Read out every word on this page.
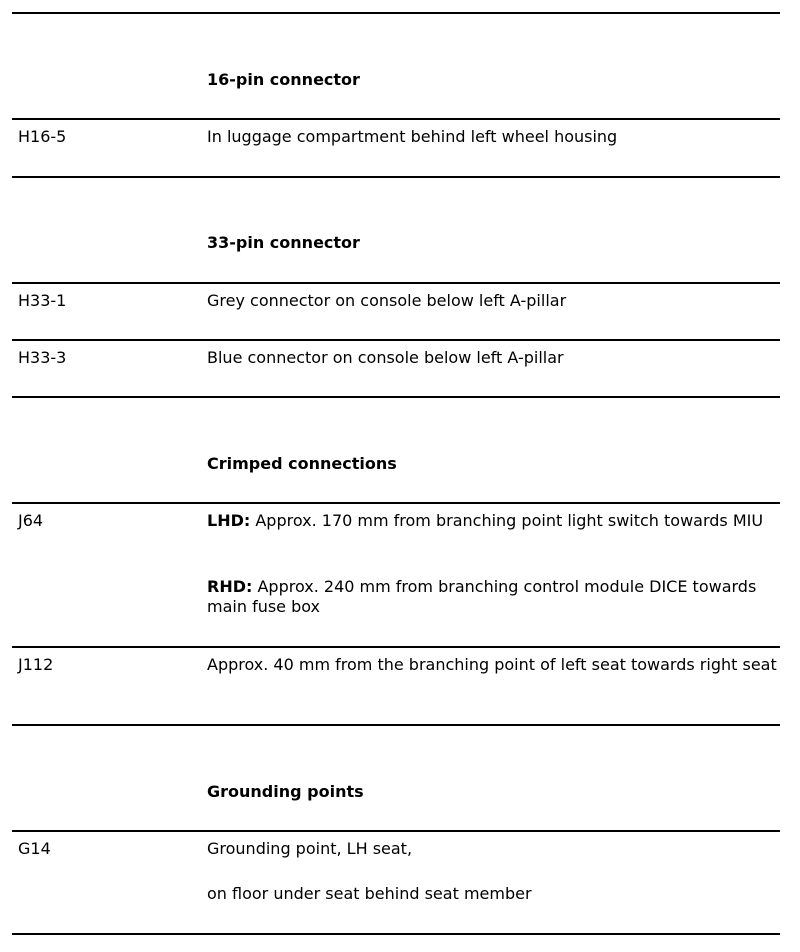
16-pin connector
H16-5	In luggage compartment behind left wheel housing
33-pin connector
H33-1	Grey connector on console below left A-pillar
H33-3	Blue connector on console below left A-pillar
Crimped connections
J64	LHD: Approx. 170 mm from branching point light switch towards MIU
RHD: Approx. 240 mm from branching control module DICE towards main fuse box
J112	Approx. 40 mm from the branching point of left seat towards right seat
Grounding points
G14	Grounding point, LH seat,
on floor under seat behind seat member
